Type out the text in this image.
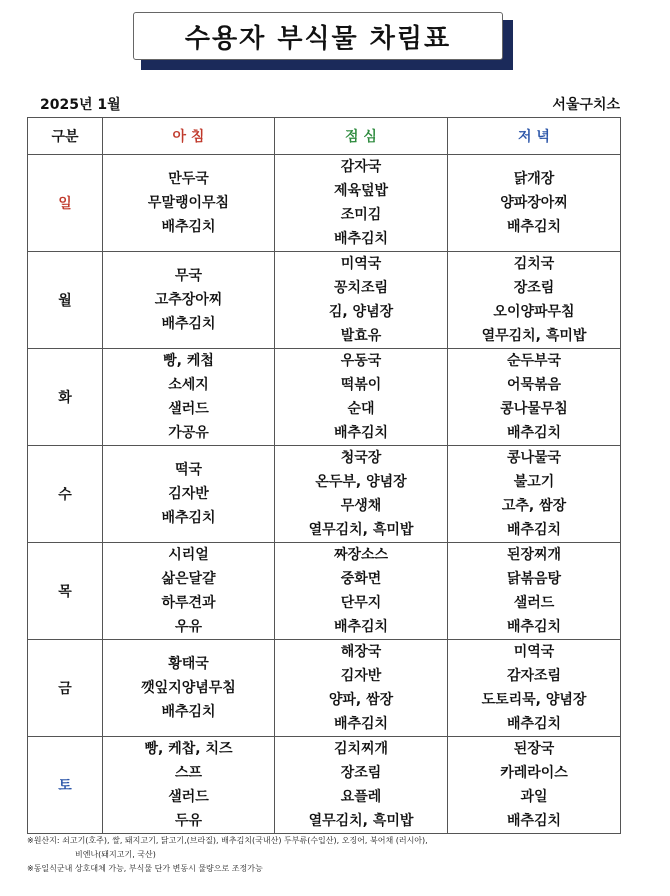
수용자 부식물 차림표
2025년 1월	서울구치소
구분	아 침	점 심	저 녁
일	만두국
무말랭이무침
배추김치	감자국
제육덮밥
조미김
배추김치	닭개장
양파장아찌
배추김치

월	무국
고추장아찌
배추김치	미역국
꽁치조림
김, 양념장
발효유	김치국
장조림
오이양파무침
열무김치, 흑미밥

화	빵, 케첩
소세지
샐러드
가공유	우동국
떡볶이
순대
배추김치	순두부국
어묵볶음
콩나물무침
배추김치

수	떡국
김자반
배추김치	청국장
온두부, 양념장
무생채
열무김치, 흑미밥	콩나물국
불고기
고추, 쌈장
배추김치

목	시리얼
삶은달걀
하루견과
우유	짜장소스
중화면
단무지
배추김치	된장찌개
닭볶음탕
샐러드
배추김치

금	황태국
깻잎지양념무침
배추김치	해장국
김자반
양파, 쌈장
배추김치	미역국
감자조림
도토리묵, 양념장
배추김치

토	빵, 케찹, 치즈
스프
샐러드
두유	김치찌개
장조림
요플레
열무김치, 흑미밥	된장국
카레라이스
과일
배추김치
※원산지: 쇠고기(호주), 쌀, 돼지고기, 닭고기,(브라질), 배추김치(국내산) 두부류(수입산), 오징어, 북어채 (러시아),
비엔나(돼지고기, 국산)
※동일식군내 상호대체 가능, 부식물 단가 변동시 물량으로 조정가능
